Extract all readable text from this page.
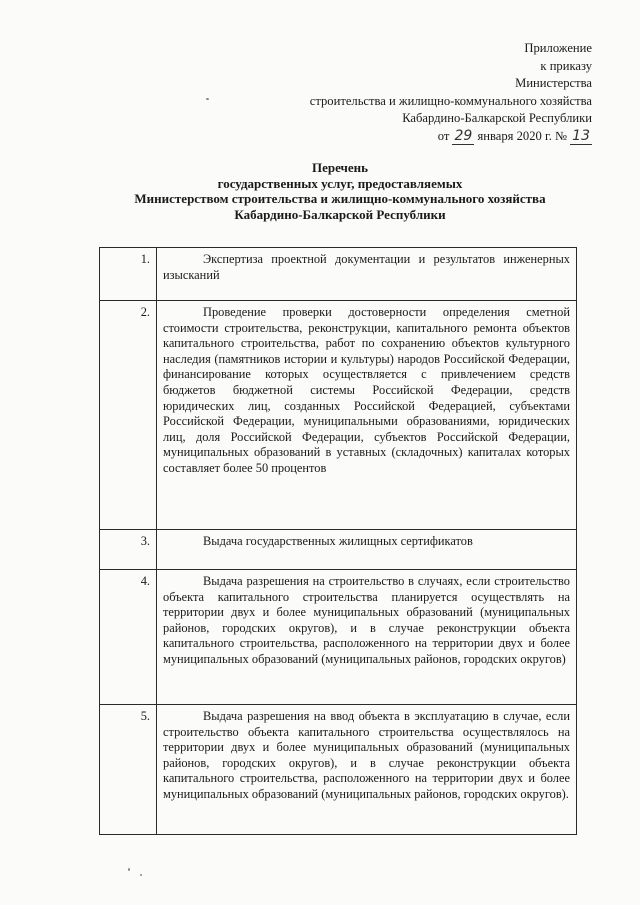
Приложение
к приказу
Министерства
строительства и жилищно-коммунального хозяйства
Кабардино-Балкарской Республики
от 29 января 2020 г. № 13
Перечень
государственных услуг, предоставляемых
Министерством строительства и жилищно-коммунального хозяйства
Кабардино-Балкарской Республики
1.	Экспертиза проектной документации и результатов инженерных изысканий

2.	Проведение проверки достоверности определения сметной стоимости строительства, реконструкции, капитального ремонта объектов капитального строительства, работ по сохранению объектов культурного наследия (памятников истории и культуры) народов Российской Федерации, финансирование которых осуществляется с привлечением средств бюджетов бюджетной системы Российской Федерации, средств юридических лиц, созданных Российской Федерацией, субъектами Российской Федерации, муниципальными образованиями, юридических лиц, доля Российской Федерации, субъектов Российской Федерации, муниципальных образований в уставных (складочных) капиталах которых составляет более 50 процентов

3.	Выдача государственных жилищных сертификатов

4.	Выдача разрешения на строительство в случаях, если строительство объекта капитального строительства планируется осуществлять на территории двух и более муниципальных образований (муниципальных районов, городских округов), и в случае реконструкции объекта капитального строительства, расположенного на территории двух и более муниципальных образований (муниципальных районов, городских округов)

5.	Выдача разрешения на ввод объекта в эксплуатацию в случае, если строительство объекта капитального строительства осуществлялось на территории двух и более муниципальных образований (муниципальных районов, городских округов), и в случае реконструкции объекта капитального строительства, расположенного на территории двух и более муниципальных образований (муниципальных районов, городских округов).
